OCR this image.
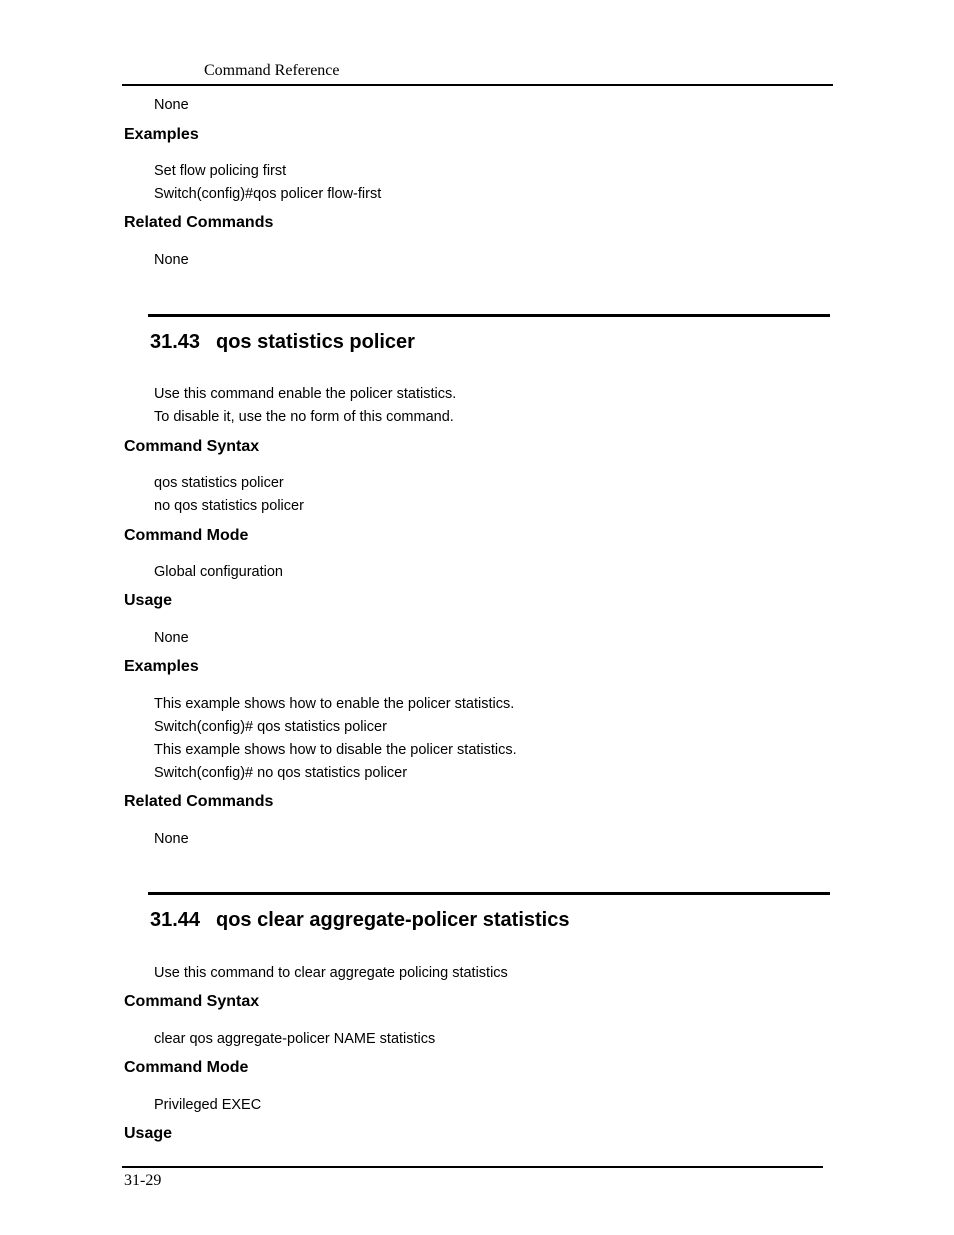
Command Reference
None
Examples
Set flow policing first
Switch(config)#qos policer flow-first
Related Commands
None
31.43 qos statistics policer
Use this command enable the policer statistics.
To disable it, use the no form of this command.
Command Syntax
qos statistics policer
no qos statistics policer
Command Mode
Global configuration
Usage
None
Examples
This example shows how to enable the policer statistics.
Switch(config)# qos statistics policer
This example shows how to disable the policer statistics.
Switch(config)# no qos statistics policer
Related Commands
None
31.44 qos clear aggregate-policer statistics
Use this command to clear aggregate policing statistics
Command Syntax
clear qos aggregate-policer NAME statistics
Command Mode
Privileged EXEC
Usage
31-29
